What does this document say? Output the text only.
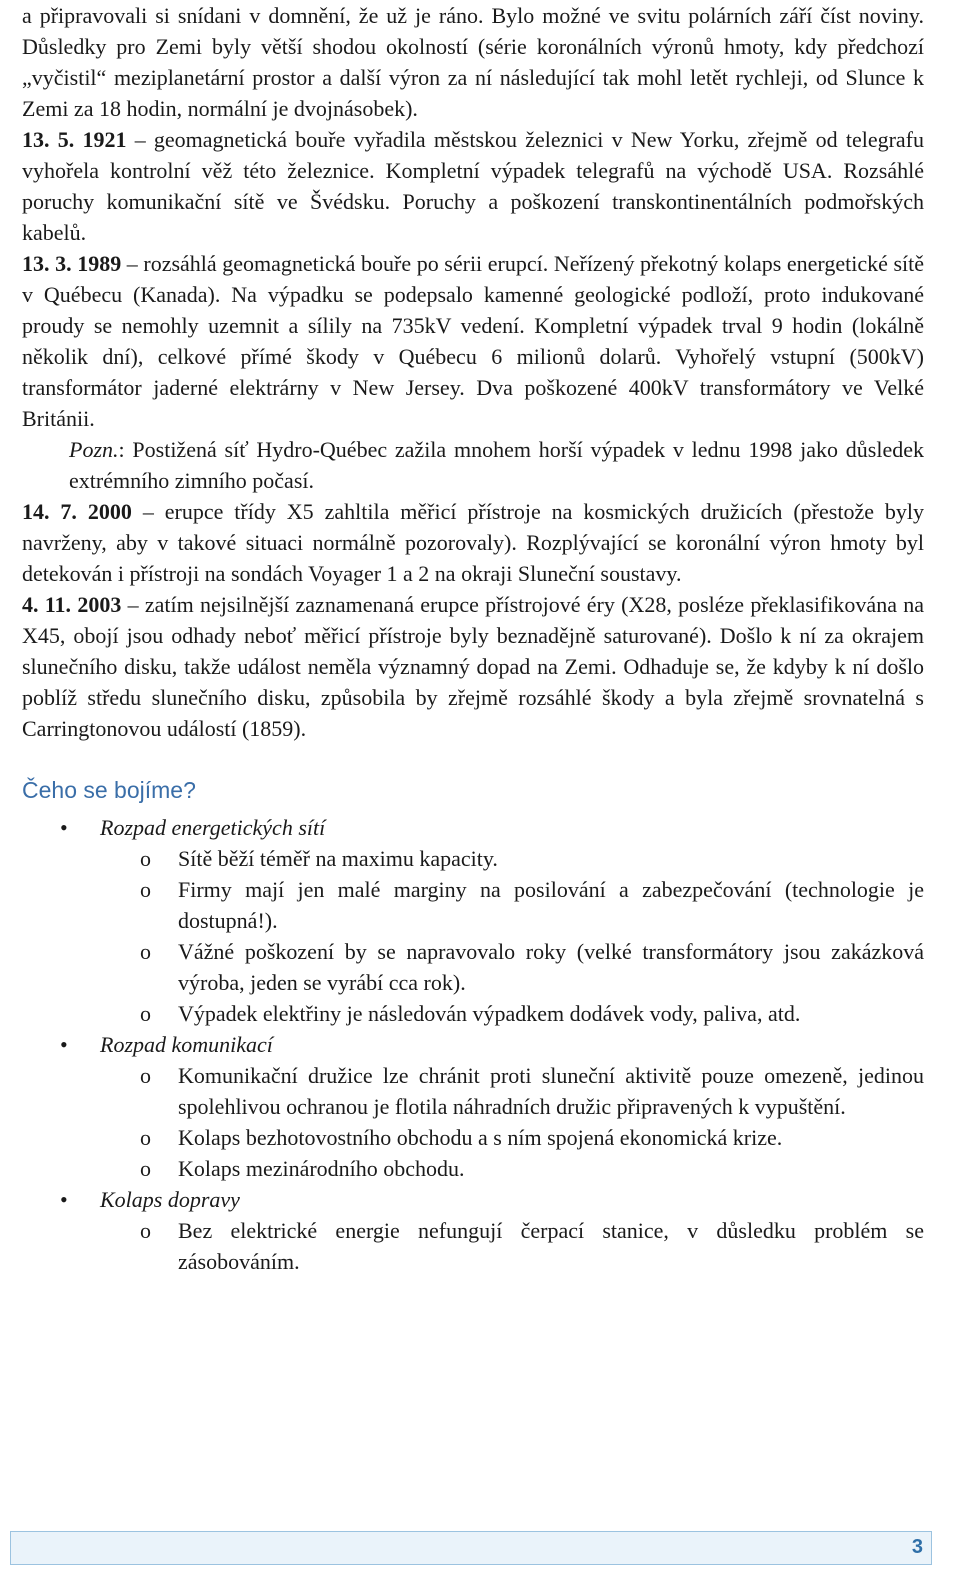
a připravovali si snídani v domnění, že už je ráno. Bylo možné ve svitu polárních září číst noviny. Důsledky pro Zemi byly větší shodou okolností (série koronálních výronů hmoty, kdy předchozí „vyčistil“ meziplanetární prostor a další výron za ní následující tak mohl letět rychleji, od Slunce k Zemi za 18 hodin, normální je dvojnásobek).

13. 5. 1921 – geomagnetická bouře vyřadila městskou železnici v New Yorku, zřejmě od telegrafu vyhořela kontrolní věž této železnice. Kompletní výpadek telegrafů na východě USA. Rozsáhlé poruchy komunikační sítě ve Švédsku. Poruchy a poškození transkontinentálních podmořských kabelů.

13. 3. 1989 – rozsáhlá geomagnetická bouře po sérii erupcí. Neřízený překotný kolaps energetické sítě v Québecu (Kanada). Na výpadku se podepsalo kamenné geologické podloží, proto indukované proudy se nemohly uzemnit a sílily na 735kV vedení. Kompletní výpadek trval 9 hodin (lokálně několik dní), celkové přímé škody v Québecu 6 milionů dolarů. Vyhořelý vstupní (500kV) transformátor jaderné elektrárny v New Jersey. Dva poškozené 400kV transformátory ve Velké Británii.

Pozn.: Postižená síť Hydro-Québec zažila mnohem horší výpadek v lednu 1998 jako důsledek extrémního zimního počasí.

14. 7. 2000 – erupce třídy X5 zahltila měřicí přístroje na kosmických družicích (přestože byly navrženy, aby v takové situaci normálně pozorovaly). Rozplývající se koronální výron hmoty byl detekován i přístroji na sondách Voyager 1 a 2 na okraji Sluneční soustavy.

4. 11. 2003 – zatím nejsilnější zaznamenaná erupce přístrojové éry (X28, posléze překlasifikována na X45, obojí jsou odhady neboť měřicí přístroje byly beznadějně saturované). Došlo k ní za okrajem slunečního disku, takže událost neměla významný dopad na Zemi. Odhaduje se, že kdyby k ní došlo poblíž středu slunečního disku, způsobila by zřejmě rozsáhlé škody a byla zřejmě srovnatelná s Carringtonovou událostí (1859).

Čeho se bojíme?
• Rozpad energetických sítí
o Sítě běží téměř na maximu kapacity.
o Firmy mají jen malé marginy na posilování a zabezpečování (technologie je dostupná!).
o Vážné poškození by se napravovalo roky (velké transformátory jsou zakázková výroba, jeden se vyrábí cca rok).
o Výpadek elektřiny je následován výpadkem dodávek vody, paliva, atd.
• Rozpad komunikací
o Komunikační družice lze chránit proti sluneční aktivitě pouze omezeně, jedinou spolehlivou ochranou je flotila náhradních družic připravených k vypuštění.
o Kolaps bezhotovostního obchodu a s ním spojená ekonomická krize.
o Kolaps mezinárodního obchodu.
• Kolaps dopravy
o Bez elektrické energie nefungují čerpací stanice, v důsledku problém se zásobováním.
3
